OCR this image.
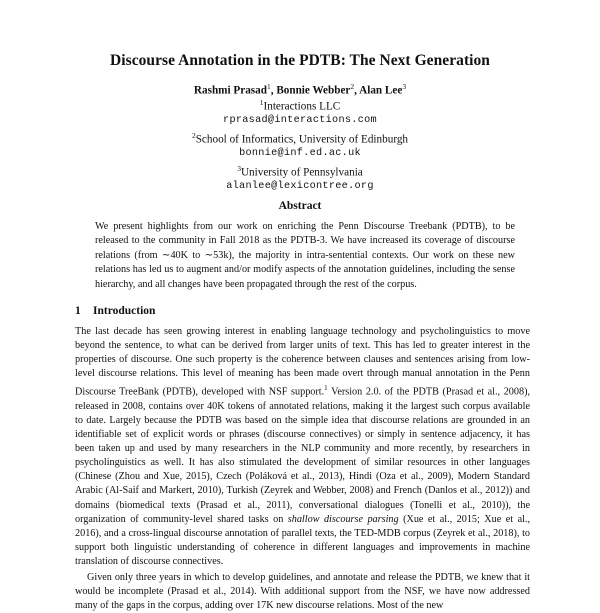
Discourse Annotation in the PDTB: The Next Generation
Rashmi Prasad$^1$, Bonnie Webber$^2$, Alan Lee$^3$
$^1$Interactions LLC
rprasad@interactions.com
$^2$School of Informatics, University of Edinburgh
bonnie@inf.ed.ac.uk
$^3$University of Pennsylvania
alanlee@lexicontree.org
Abstract
We present highlights from our work on enriching the Penn Discourse Treebank (PDTB), to be released to the community in Fall 2018 as the PDTB-3. We have increased its coverage of discourse relations (from ∼40K to ∼53k), the majority in intra-sentential contexts. Our work on these new relations has led us to augment and/or modify aspects of the annotation guidelines, including the sense hierarchy, and all changes have been propagated through the rest of the corpus.
1 Introduction

The last decade has seen growing interest in enabling language technology and psycholinguistics to move beyond the sentence, to what can be derived from larger units of text. This has led to greater interest in the properties of discourse. One such property is the coherence between clauses and sentences arising from low-level discourse relations. This level of meaning has been made overt through manual annotation in the Penn Discourse TreeBank (PDTB), developed with NSF support.$^1$ Version 2.0. of the PDTB (Prasad et al., 2008), released in 2008, contains over 40K tokens of annotated relations, making it the largest such corpus available to date. Largely because the PDTB was based on the simple idea that discourse relations are grounded in an identifiable set of explicit words or phrases (discourse connectives) or simply in sentence adjacency, it has been taken up and used by many researchers in the NLP community and more recently, by researchers in psycholinguistics as well. It has also stimulated the development of similar resources in other languages (Chinese (Zhou and Xue, 2015), Czech (Poláková et al., 2013), Hindi (Oza et al., 2009), Modern Standard Arabic (Al-Saif and Markert, 2010), Turkish (Zeyrek and Webber, 2008) and French (Danlos et al., 2012)) and domains (biomedical texts (Prasad et al., 2011), conversational dialogues (Tonelli et al., 2010)), the organization of community-level shared tasks on shallow discourse parsing (Xue et al., 2015; Xue et al., 2016), and a cross-lingual discourse annotation of parallel texts, the TED-MDB corpus (Zeyrek et al., 2018), to support both linguistic understanding of coherence in different languages and improvements in machine translation of discourse connectives.

Given only three years in which to develop guidelines, and annotate and release the PDTB, we knew that it would be incomplete (Prasad et al., 2014). With additional support from the NSF, we have now addressed many of the gaps in the corpus, adding over 17K new discourse relations. Most of the new
